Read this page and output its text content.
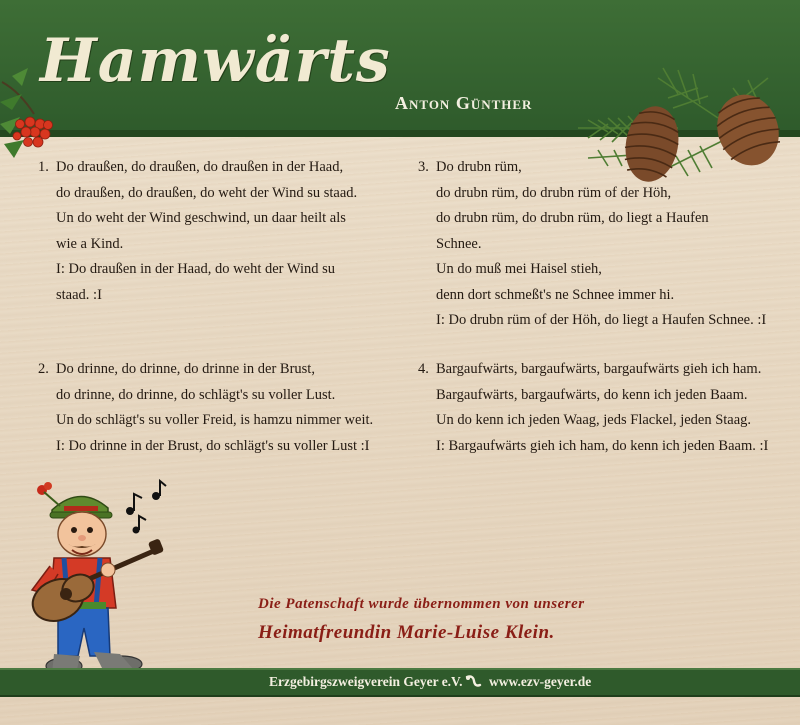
Hamwärts
Anton Günther
1. Do draußen, do draußen, do draußen in der Haad,
do draußen, do draußen, do weht der Wind su staad.
Un do weht der Wind geschwind, un daar heilt als
wie a Kind.
I: Do draußen in der Haad, do weht der Wind su
staad. :I
2. Do drinne, do drinne, do drinne in der Brust,
do drinne, do drinne, do schlägt's su voller Lust.
Un do schlägt's su voller Freid, is hamzu nimmer weit.
I: Do drinne in der Brust, do schlägt's su voller Lust :I
3. Do drubn rüm,
do drubn rüm, do drubn rüm of der Höh,
do drubn rüm, do drubn rüm, do liegt a Haufen
Schnee.
Un do muß mei Haisel stieh,
denn dort schmeßt's ne Schnee immer hi.
I: Do drubn rüm of der Höh, do liegt a Haufen Schnee. :I
4. Bargaufwärts, bargaufwärts, bargaufwärts gieh ich ham.
Bargaufwärts, bargaufwärts, do kenn ich jeden Baam.
Un do kenn ich jeden Waag, jeds Flackel, jeden Staag.
I: Bargaufwärts gieh ich ham, do kenn ich jeden Baam. :I
Die Patenschaft wurde übernommen von unserer
Heimatfreundin Marie-Luise Klein.
Erzgebirgszweigverein Geyer e.V. www.ezv-geyer.de
